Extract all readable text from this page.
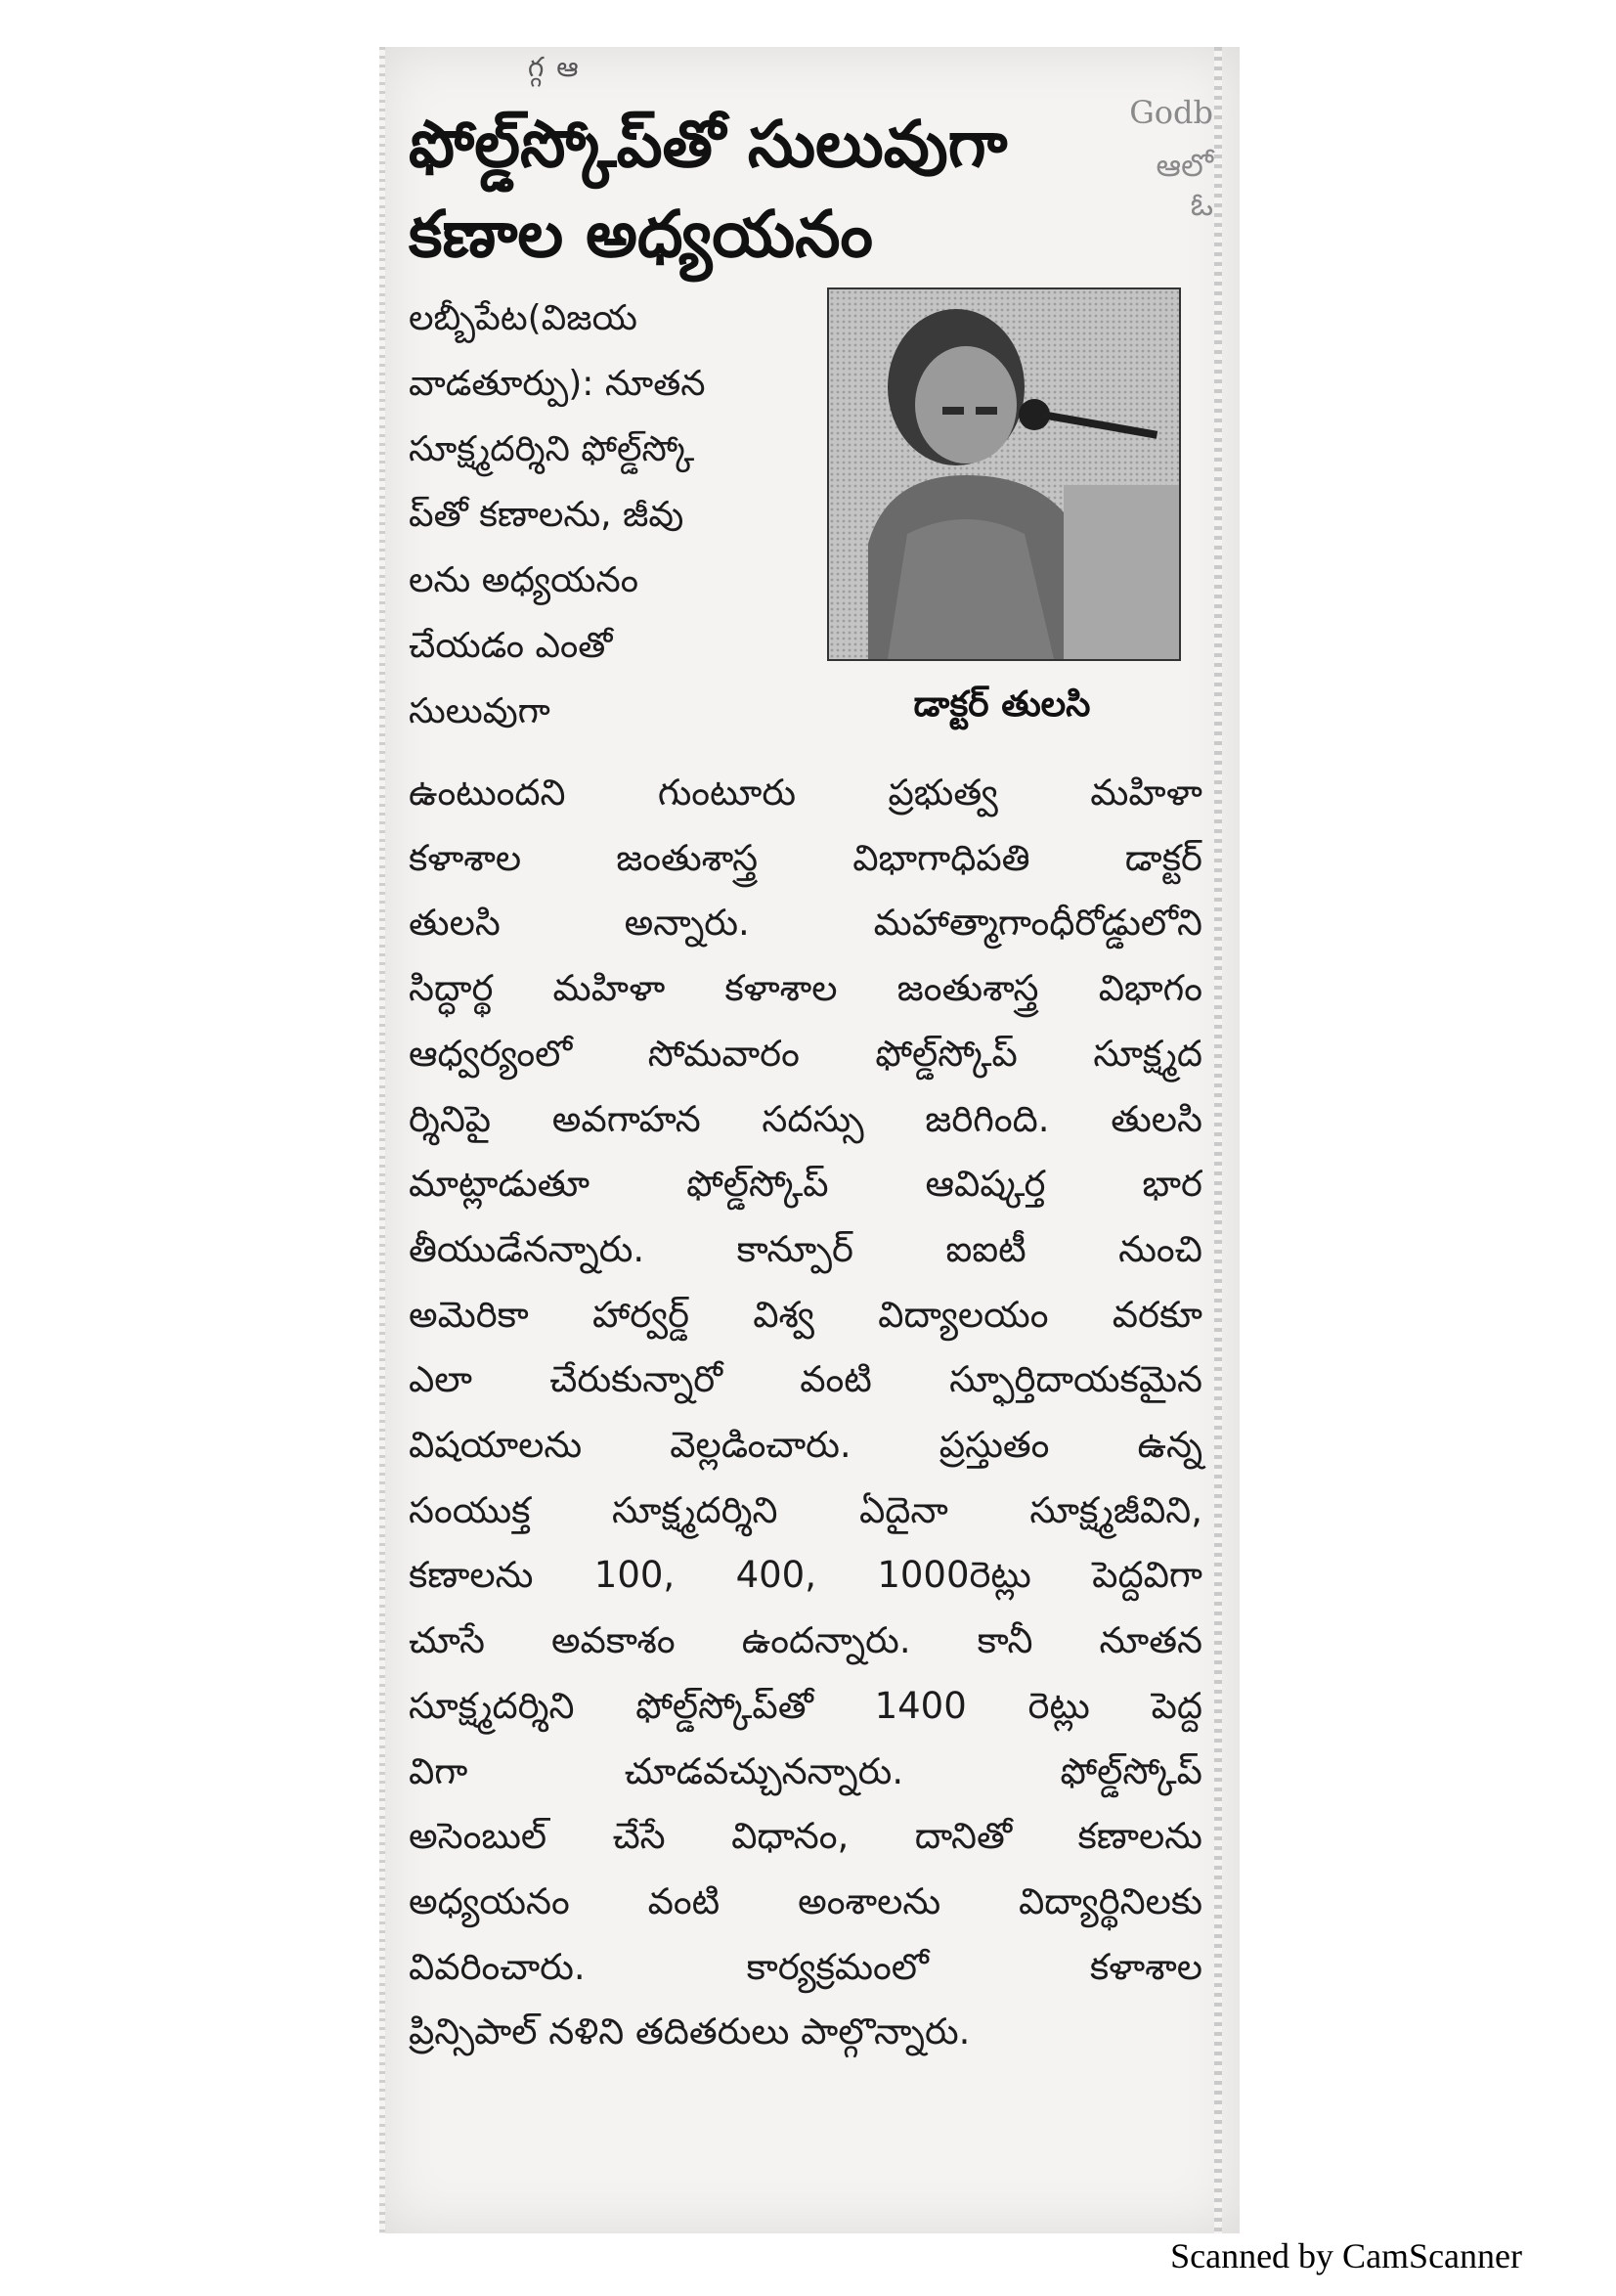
గ్గ ఆ
Godb
ఆలో
ఓ
ఫోల్డ్‌స్కోప్‌తో సులువుగా
కణాల అధ్యయనం
లబ్బీపేట(విజయ
వాడతూర్పు): నూతన
సూక్ష్మదర్శిని ఫోల్డ్‌స్కో
ప్‌తో కణాలను, జీవు
లను అధ్యయనం
చేయడం ఎంతో
సులువుగా	డాక్టర్ తులసి
ఉంటుందని గుంటూరు ప్రభుత్వ మహిళా
కళాశాల జంతుశాస్త్ర విభాగాధిపతి డాక్టర్
తులసి అన్నారు. మహాత్మాగాంధీరోడ్డులోని
సిద్ధార్థ మహిళా కళాశాల జంతుశాస్త్ర విభాగం
ఆధ్వర్యంలో సోమవారం ఫోల్డ్‌స్కోప్ సూక్ష్మద
ర్శినిపై అవగాహన సదస్సు జరిగింది. తులసి
మాట్లాడుతూ ఫోల్డ్‌స్కోప్ ఆవిష్కర్త భార
తీయుడేనన్నారు. కాన్పూర్ ఐఐటీ నుంచి
అమెరికా హార్వర్డ్ విశ్వ విద్యాలయం వరకూ
ఎలా చేరుకున్నారో వంటి స్ఫూర్తిదాయకమైన
విషయాలను వెల్లడించారు. ప్రస్తుతం ఉన్న
సంయుక్త సూక్ష్మదర్శిని ఏదైనా సూక్ష్మజీవిని,
కణాలను 100, 400, 1000రెట్లు పెద్దవిగా
చూసే అవకాశం ఉందన్నారు. కానీ నూతన
సూక్ష్మదర్శిని ఫోల్డ్‌స్కోప్‌తో 1400 రెట్లు పెద్ద
విగా చూడవచ్చునన్నారు. ఫోల్డ్‌స్కోప్
అసెంబుల్ చేసే విధానం, దానితో కణాలను
అధ్యయనం వంటి అంశాలను విద్యార్థినిలకు
వివరించారు. కార్యక్రమంలో కళాశాల
ప్రిన్సిపాల్ నళిని తదితరులు పాల్గొన్నారు.
Scanned by CamScanner
